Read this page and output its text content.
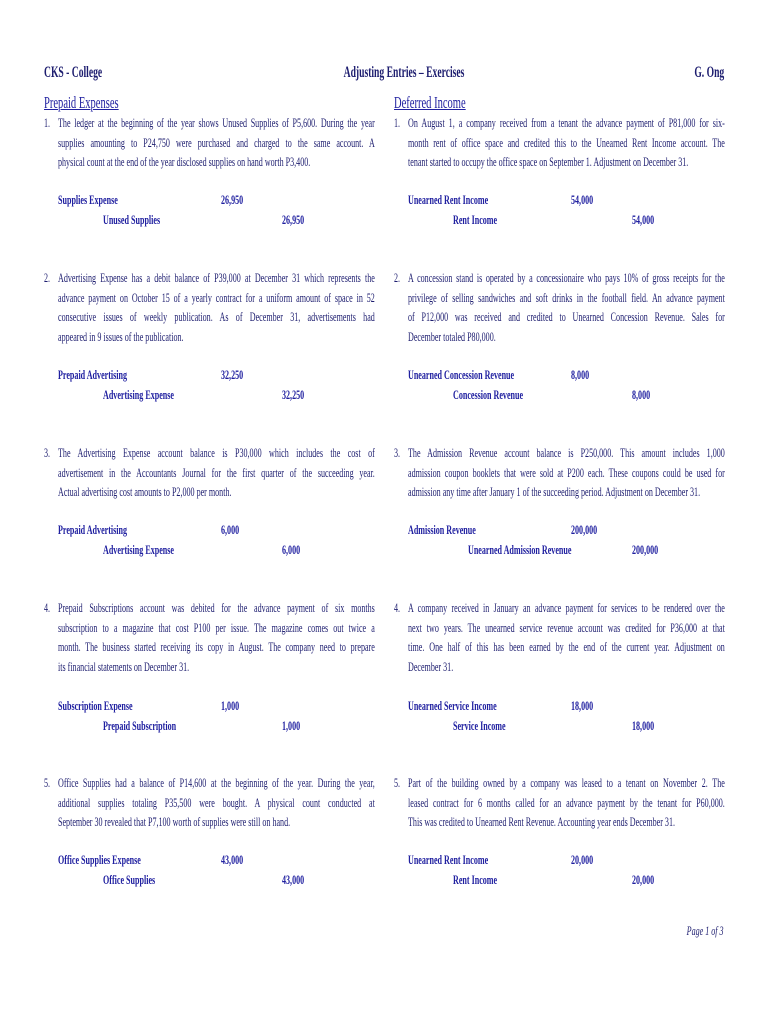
CKS - College	Adjusting Entries – Exercises	G. Ong
Prepaid Expenses
1. The ledger at the beginning of the year shows Unused Supplies of P5,600. During the year
supplies amounting to P24,750 were purchased and charged to the same account. A
physical count at the end of the year disclosed supplies on hand worth P3,400.
Supplies Expense	26,950
Unused Supplies	26,950
2. Advertising Expense has a debit balance of P39,000 at December 31 which represents the
advance payment on October 15 of a yearly contract for a uniform amount of space in 52
consecutive issues of weekly publication. As of December 31, advertisements had
appeared in 9 issues of the publication.
Prepaid Advertising	32,250
Advertising Expense	32,250
3. The Advertising Expense account balance is P30,000 which includes the cost of
advertisement in the Accountants Journal for the first quarter of the succeeding year.
Actual advertising cost amounts to P2,000 per month.
Prepaid Advertising	6,000
Advertising Expense	6,000
4. Prepaid Subscriptions account was debited for the advance payment of six months
subscription to a magazine that cost P100 per issue. The magazine comes out twice a
month. The business started receiving its copy in August. The company need to prepare
its financial statements on December 31.
Subscription Expense	1,000
Prepaid Subscription	1,000
5. Office Supplies had a balance of P14,600 at the beginning of the year. During the year,
additional supplies totaling P35,500 were bought. A physical count conducted at
September 30 revealed that P7,100 worth of supplies were still on hand.
Office Supplies Expense	43,000
Office Supplies	43,000
Deferred Income
1. On August 1, a company received from a tenant the advance payment of P81,000 for six-
month rent of office space and credited this to the Unearned Rent Income account. The
tenant started to occupy the office space on September 1. Adjustment on December 31.
Unearned Rent Income	54,000
Rent Income	54,000
2. A concession stand is operated by a concessionaire who pays 10% of gross receipts for the
privilege of selling sandwiches and soft drinks in the football field. An advance payment
of P12,000 was received and credited to Unearned Concession Revenue. Sales for
December totaled P80,000.
Unearned Concession Revenue	8,000
Concession Revenue	8,000
3. The Admission Revenue account balance is P250,000. This amount includes 1,000
admission coupon booklets that were sold at P200 each. These coupons could be used for
admission any time after January 1 of the succeeding period. Adjustment on December 31.
Admission Revenue	200,000
Unearned Admission Revenue	200,000
4. A company received in January an advance payment for services to be rendered over the
next two years. The unearned service revenue account was credited for P36,000 at that
time. One half of this has been earned by the end of the current year. Adjustment on
December 31.
Unearned Service Income	18,000
Service Income	18,000
5. Part of the building owned by a company was leased to a tenant on November 2. The
leased contract for 6 months called for an advance payment by the tenant for P60,000.
This was credited to Unearned Rent Revenue. Accounting year ends December 31.
Unearned Rent Income	20,000
Rent Income	20,000
Page 1 of 3
